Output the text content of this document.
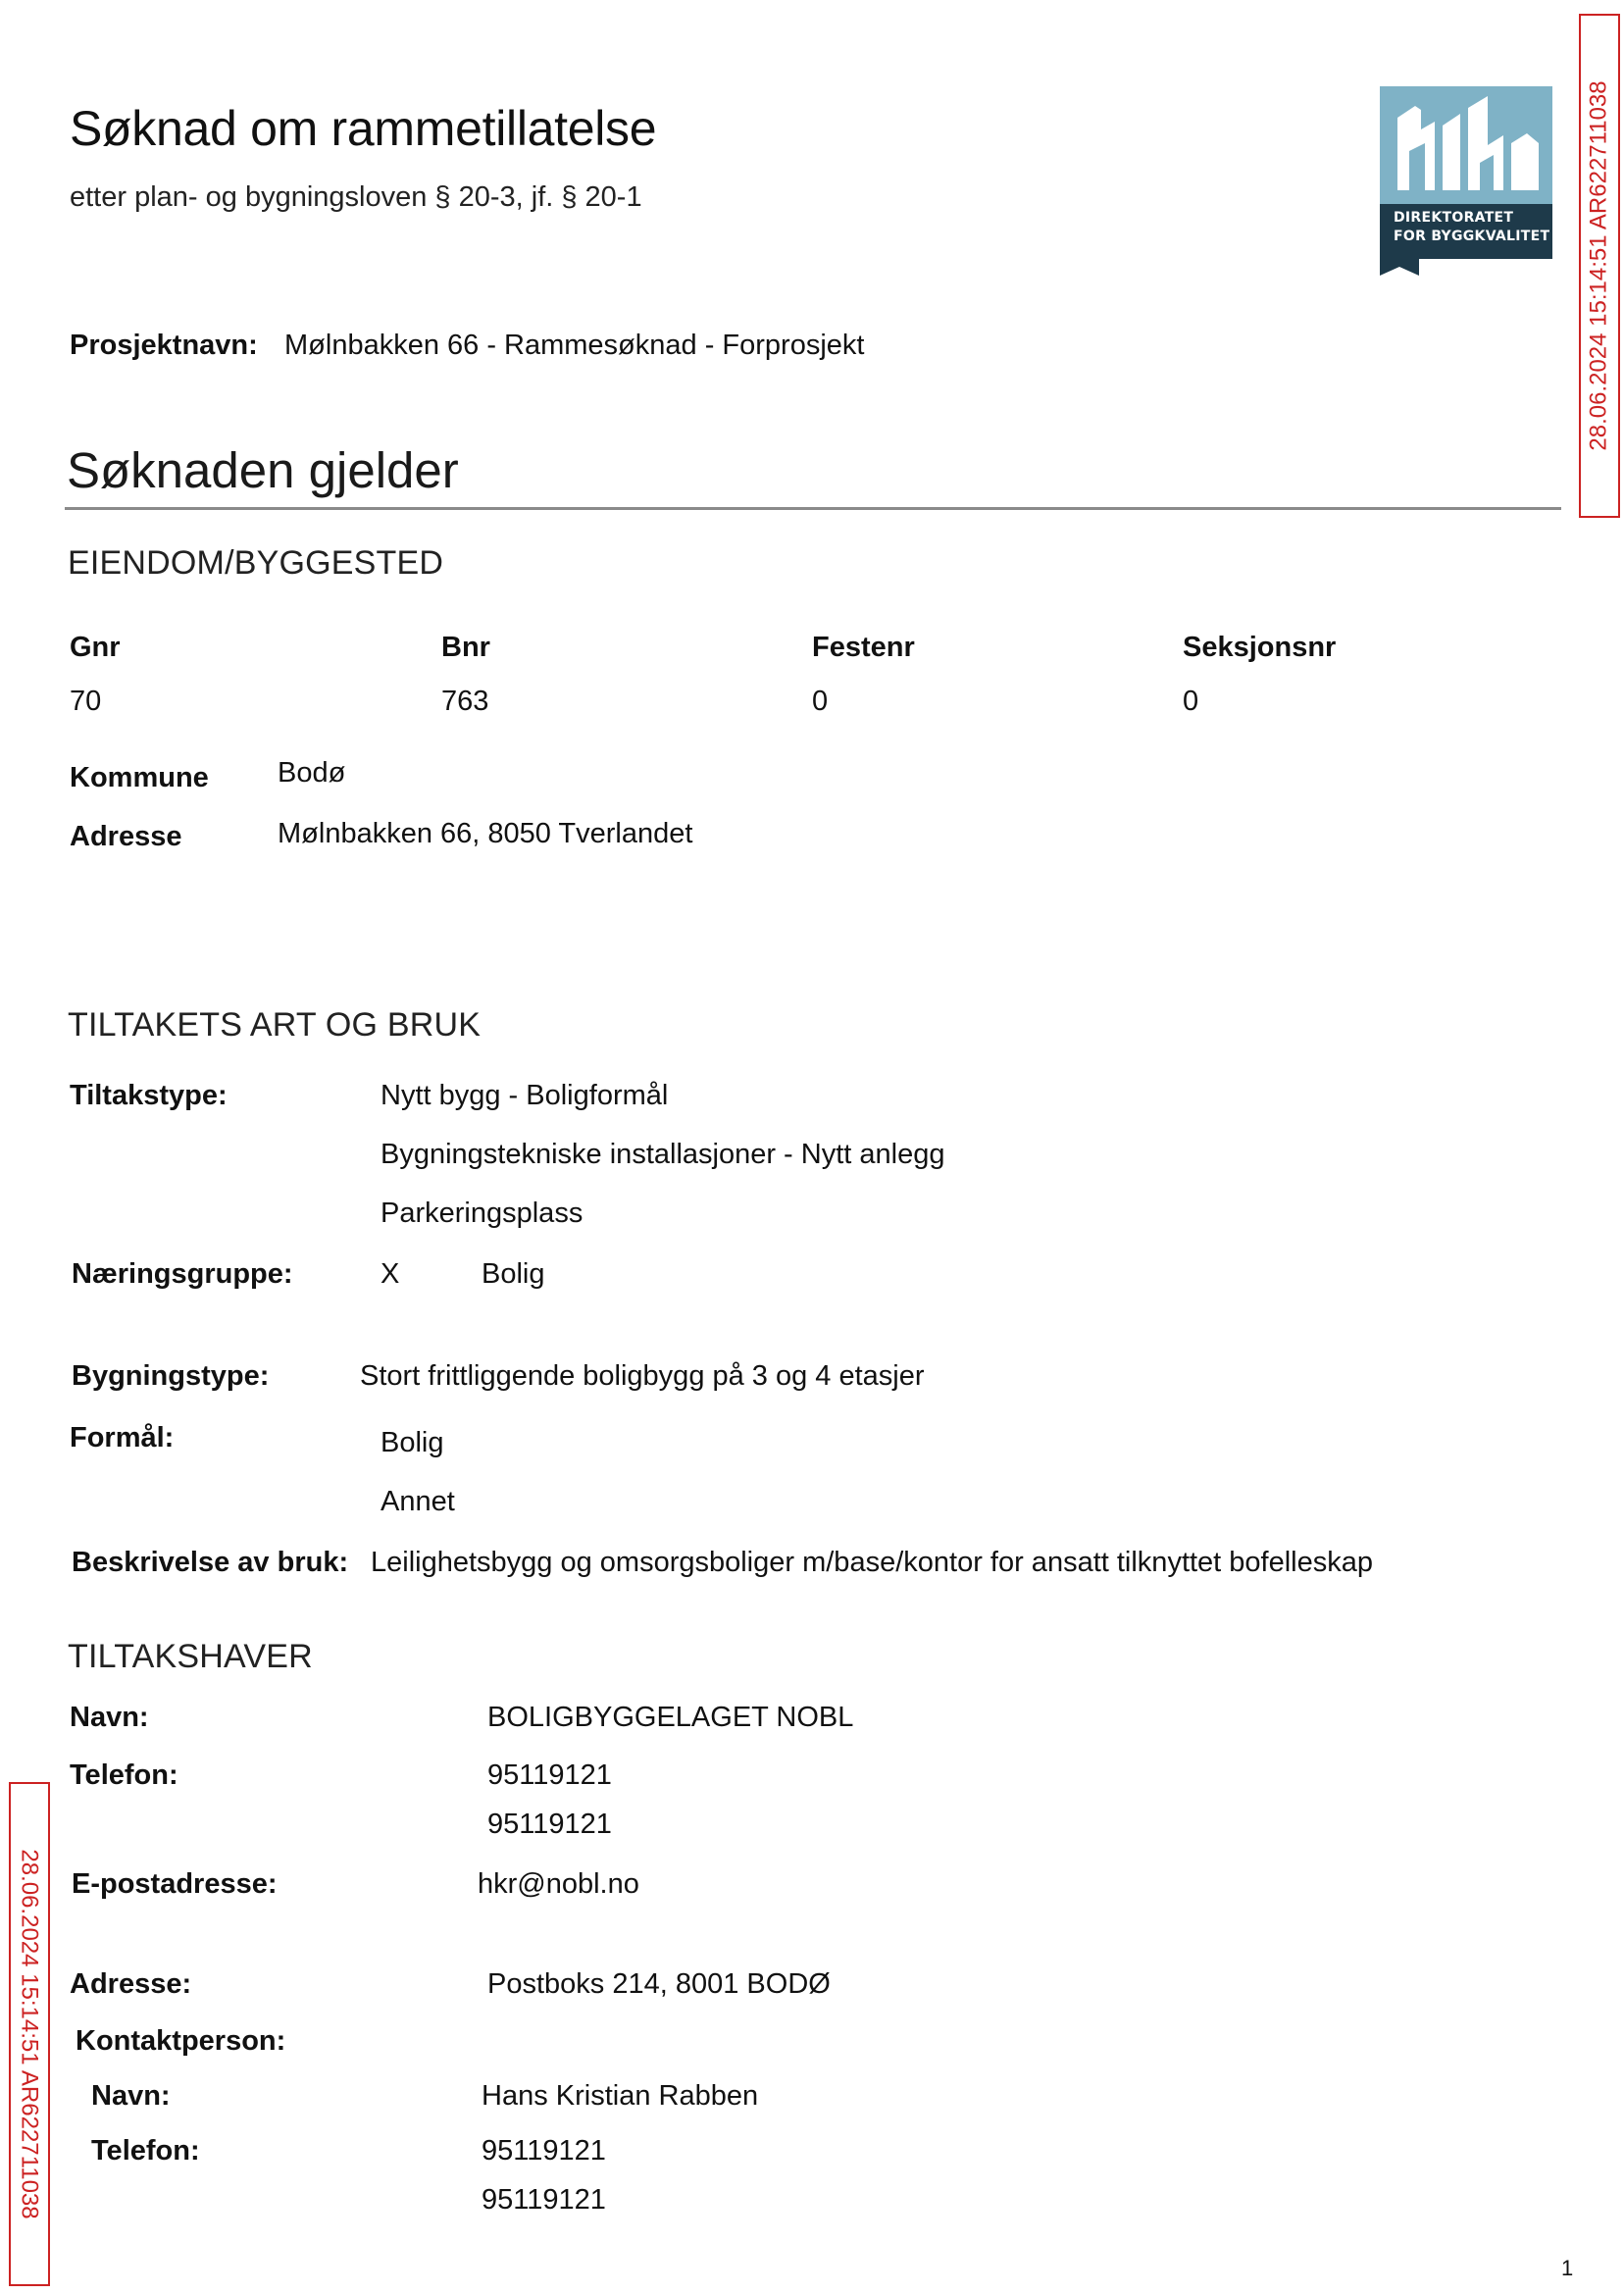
Søknad om rammetillatelse
etter plan- og bygningsloven § 20-3, jf. § 20-1
DIREKTORATET
FOR BYGGKVALITET 28.06.2024 15:14:51 AR622711038
28.06.2024 15:14:51 AR622711038
Prosjektnavn: Mølnbakken 66 - Rammesøknad - Forprosjekt
Søknaden gjelder
EIENDOM/BYGGESTED
Gnr	Bnr	Festenr	Seksjonsnr
70	763	0	0
Kommune Bodø
Adresse	Mølnbakken 66, 8050 Tverlandet
TILTAKETS ART OG BRUK
Tiltakstype:	Nytt bygg - Boligformål
Bygningstekniske installasjoner - Nytt anlegg
Parkeringsplass
Næringsgruppe:	X	Bolig
Bygningstype:	Stort frittliggende boligbygg på 3 og 4 etasjer
Formål:	Bolig
Annet
Beskrivelse av bruk: Leilighetsbygg og omsorgsboliger m/base/kontor for ansatt tilknyttet bofelleskap
TILTAKSHAVER
Navn:	BOLIGBYGGELAGET NOBL
Telefon:	95119121
95119121
E-postadresse:	hkr@nobl.no
Adresse:	Postboks 214, 8001 BODØ
Kontaktperson:
Navn:	Hans Kristian Rabben
Telefon:	95119121
95119121
1
